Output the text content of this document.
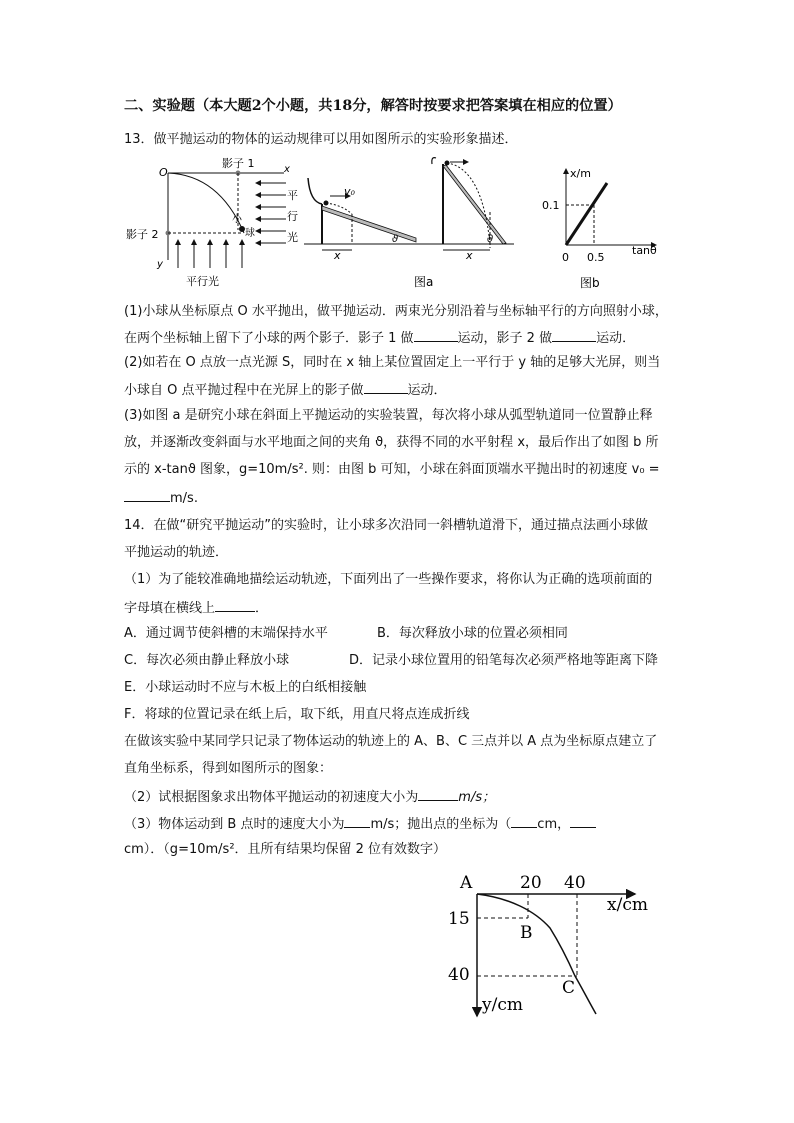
二、实验题（本大题2个小题，共18分，解答时按要求把答案填在相应的位置）
13．做平抛运动的物体的运动规律可以用如图所示的实验形象描述．
影子 1	x
O
平
行
光
小
球
影子 2
y
平行光
v₀
x
ϑ
x
ϑ
图a
x/m
tanθ
0.1
0 0.5
图b
(1)小球从坐标原点 O 水平抛出，做平抛运动．两束光分别沿着与坐标轴平行的方向照射小球，
在两个坐标轴上留下了小球的两个影子．影子 1 做	运动，影子 2 做	运动．
(2)如若在 O 点放一点光源 S，同时在 x 轴上某位置固定上一平行于 y 轴的足够大光屏，则当
小球自 O 点平抛过程中在光屏上的影子做	运动．
(3)如图 a 是研究小球在斜面上平抛运动的实验装置，每次将小球从弧型轨道同一位置静止释
放，并逐渐改变斜面与水平地面之间的夹角 ϑ，获得不同的水平射程 x，最后作出了如图 b 所
示的 x-tanϑ 图象，g=10m/s². 则：由图 b 可知，小球在斜面顶端水平抛出时的初速度 v₀ =
m/s.
14．在做“研究平抛运动”的实验时，让小球多次沿同一斜槽轨道滑下，通过描点法画小球做
平抛运动的轨迹．
（1）为了能较准确地描绘运动轨迹，下面列出了一些操作要求，将你认为正确的选项前面的
字母填在横线上	．
A．通过调节使斜槽的末端保持水平	B．每次释放小球的位置必须相同
C．每次必须由静止释放小球	D．记录小球位置用的铅笔每次必须严格地等距离下降
E．小球运动时不应与木板上的白纸相接触
F．将球的位置记录在纸上后，取下纸，用直尺将点连成折线
在做该实验中某同学只记录了物体运动的轨迹上的 A、B、C 三点并以 A 点为坐标原点建立了
直角坐标系，得到如图所示的图象：
（2）试根据图象求出物体平抛运动的初速度大小为	m/s；
（3）物体运动到 B 点时的速度大小为 m/s；抛出点的坐标为（ cm，
cm）．（g=10m/s²．且所有结果均保留 2 位有效数字）
A	20 40
x/cm
15
40
B
C
y/cm
